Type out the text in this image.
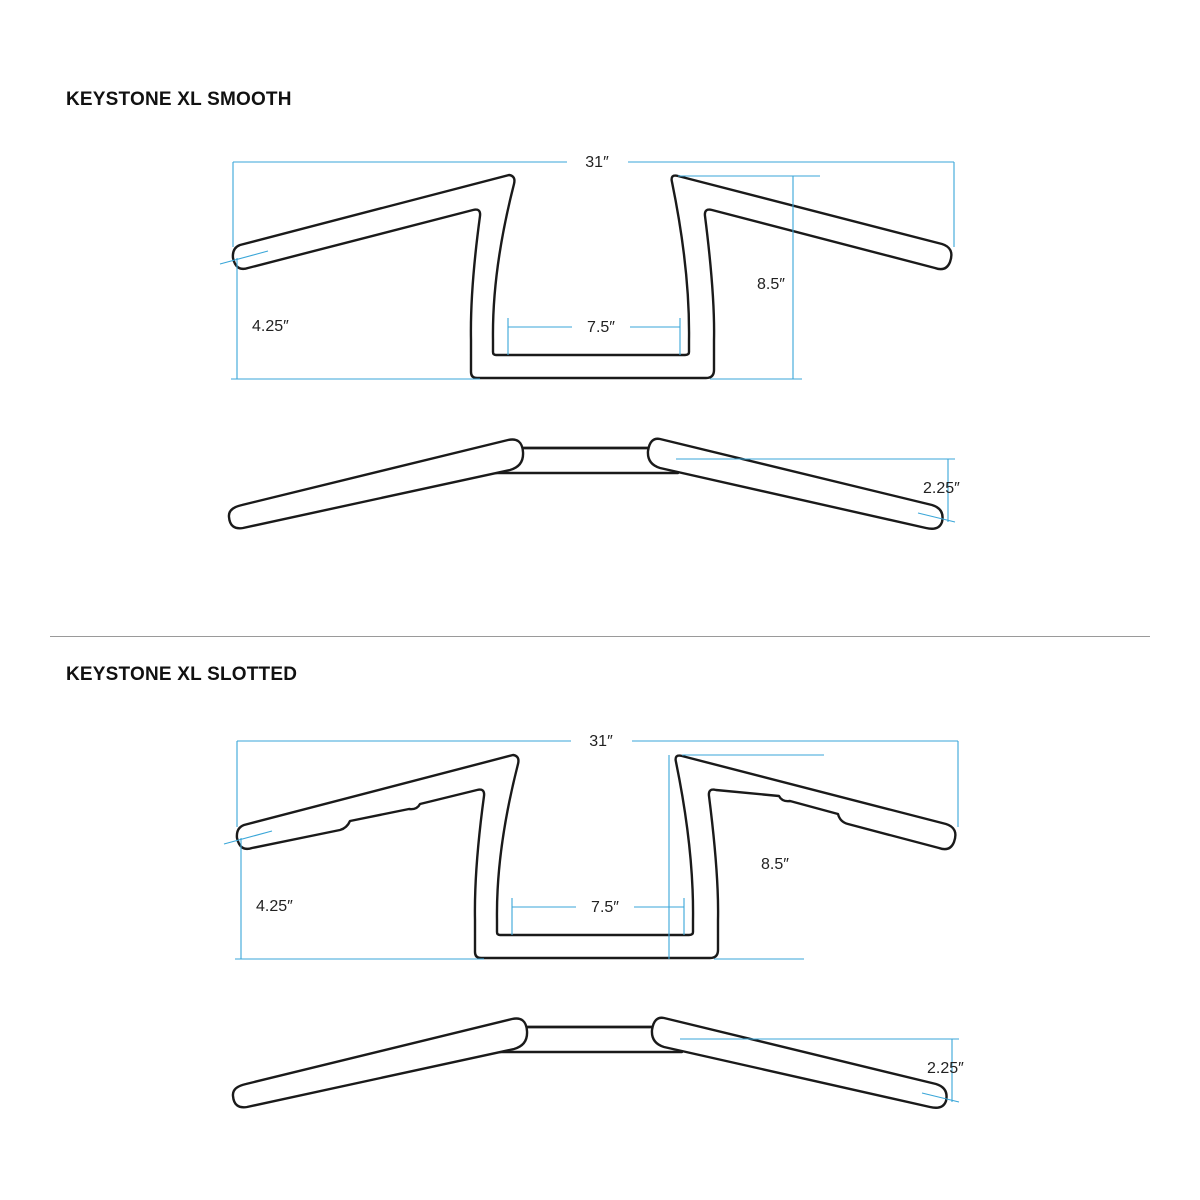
KEYSTONE XL SMOOTH
KEYSTONE XL SLOTTED
31″
8.5″
7.5″
4.25″
2.25″
31″
8.5″
7.5″
4.25″
2.25″
